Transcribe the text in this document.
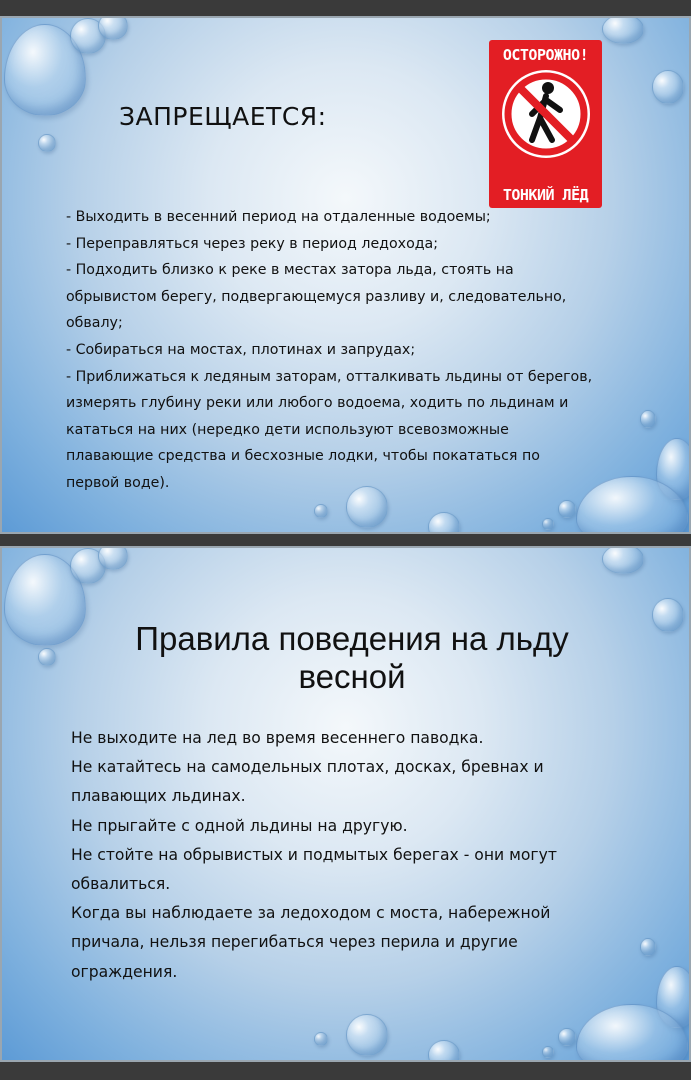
ЗАПРЕЩАЕТСЯ:
ОСТОРОЖНО!
ТОНКИЙ ЛЁД

- Выходить в весенний период на отдаленные водоемы;

- Переправляться через реку в период ледохода;

- Подходить близко к реке в местах затора льда, стоять на

обрывистом берегу, подвергающемуся разливу и, следовательно,

обвалу;

- Собираться на мостах, плотинах и запрудах;

- Приближаться к ледяным заторам, отталкивать льдины от берегов,

измерять глубину реки или любого водоема, ходить по льдинам и

кататься на них (нередко дети используют всевозможные

плавающие средства и бесхозные лодки, чтобы покататься по

первой воде).

Правила поведения на льду
весной

Не выходите на лед во время весеннего паводка.

Не катайтесь на самодельных плотах, досках, бревнах и

плавающих льдинах.

Не прыгайте с одной льдины на другую.

Не стойте на обрывистых и подмытых берегах - они могут

обвалиться.

Когда вы наблюдаете за ледоходом с моста, набережной

причала, нельзя перегибаться через перила и другие

ограждения.
